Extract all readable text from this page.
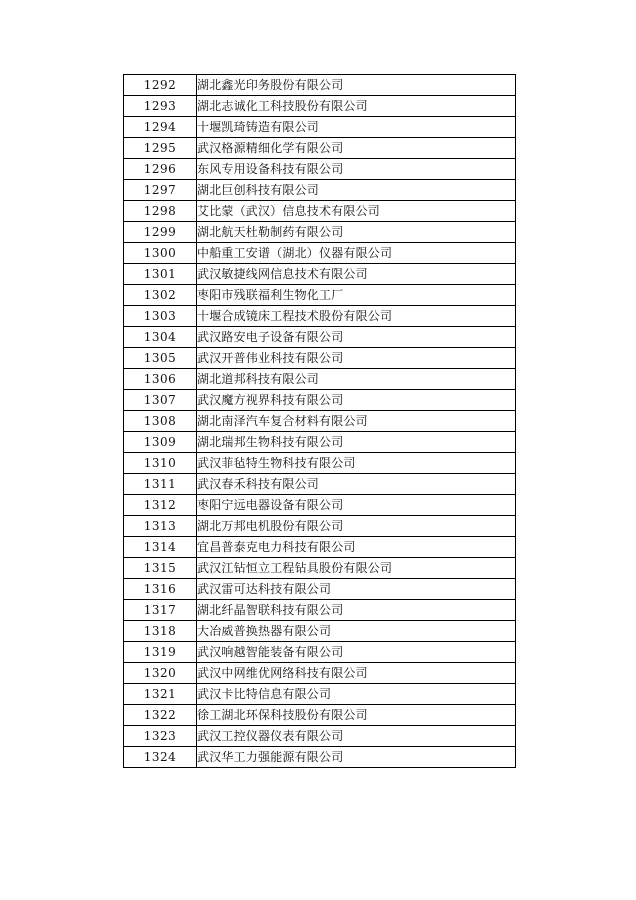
1292	湖北鑫光印务股份有限公司
1293	湖北志诚化工科技股份有限公司
1294	十堰凯琦铸造有限公司
1295	武汉格源精细化学有限公司
1296	东风专用设备科技有限公司
1297	湖北巨创科技有限公司
1298	艾比蒙（武汉）信息技术有限公司
1299	湖北航天杜勒制药有限公司
1300	中船重工安谱（湖北）仪器有限公司
1301	武汉敏捷线网信息技术有限公司
1302	枣阳市残联福利生物化工厂
1303	十堰合成镜床工程技术股份有限公司
1304	武汉路安电子设备有限公司
1305	武汉开普伟业科技有限公司
1306	湖北道邦科技有限公司
1307	武汉魔方视界科技有限公司
1308	湖北南泽汽车复合材料有限公司
1309	湖北瑞邦生物科技有限公司
1310	武汉菲毡特生物科技有限公司
1311	武汉春禾科技有限公司
1312	枣阳宁远电器设备有限公司
1313	湖北万邦电机股份有限公司
1314	宜昌普泰克电力科技有限公司
1315	武汉江钻恒立工程钻具股份有限公司
1316	武汉雷可达科技有限公司
1317	湖北纤晶智联科技有限公司
1318	大冶威普换热器有限公司
1319	武汉响越智能装备有限公司
1320	武汉中网维优网络科技有限公司
1321	武汉卡比特信息有限公司
1322	徐工湖北环保科技股份有限公司
1323	武汉工控仪器仪表有限公司
1324	武汉华工力强能源有限公司
